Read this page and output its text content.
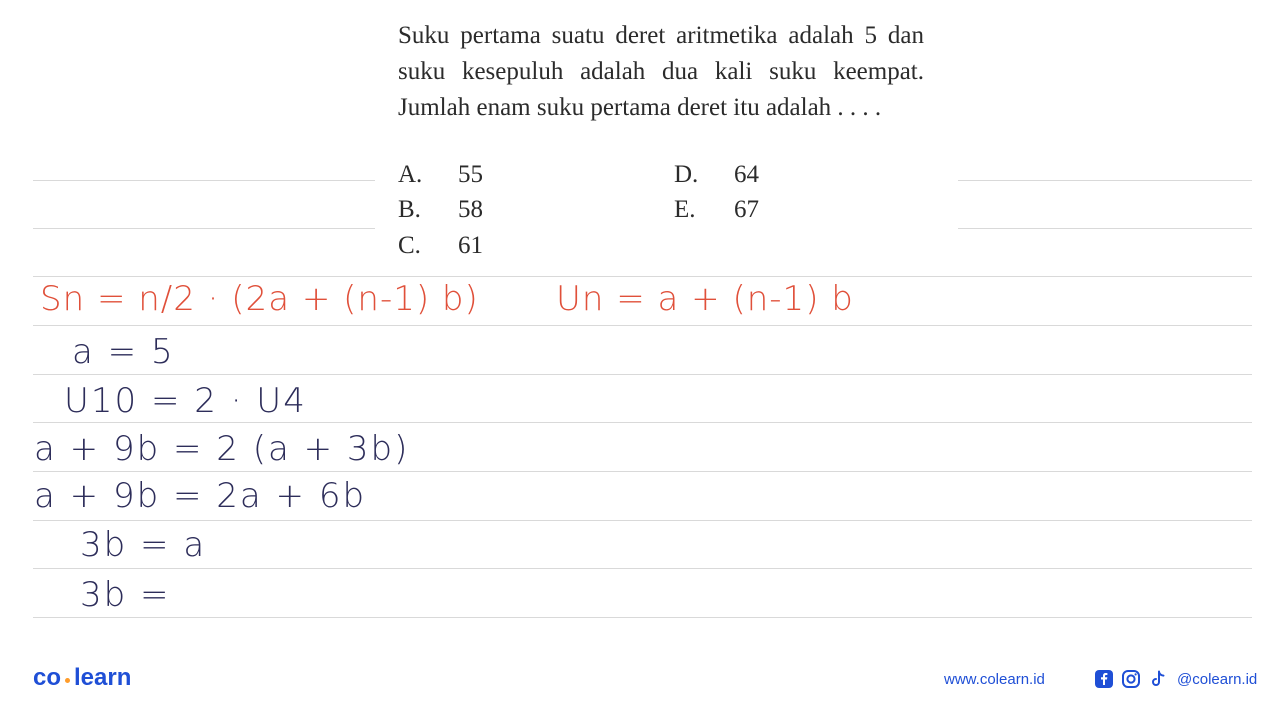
Suku pertama suatu deret aritmetika adalah 5 dan suku kesepuluh adalah dua kali suku keempat. Jumlah enam suku pertama deret itu adalah . . . .
A. 55
B. 58
C. 61
D. 64
E. 67
Sn = n/2 · (2a + (n-1) b) Un = a + (n-1) b
a = 5
U10 = 2 · U4
a + 9b = 2 (a + 3b)
a + 9b = 2a + 6b
3b = a
3b =
co learn	www.colearn.id	@colearn.id
